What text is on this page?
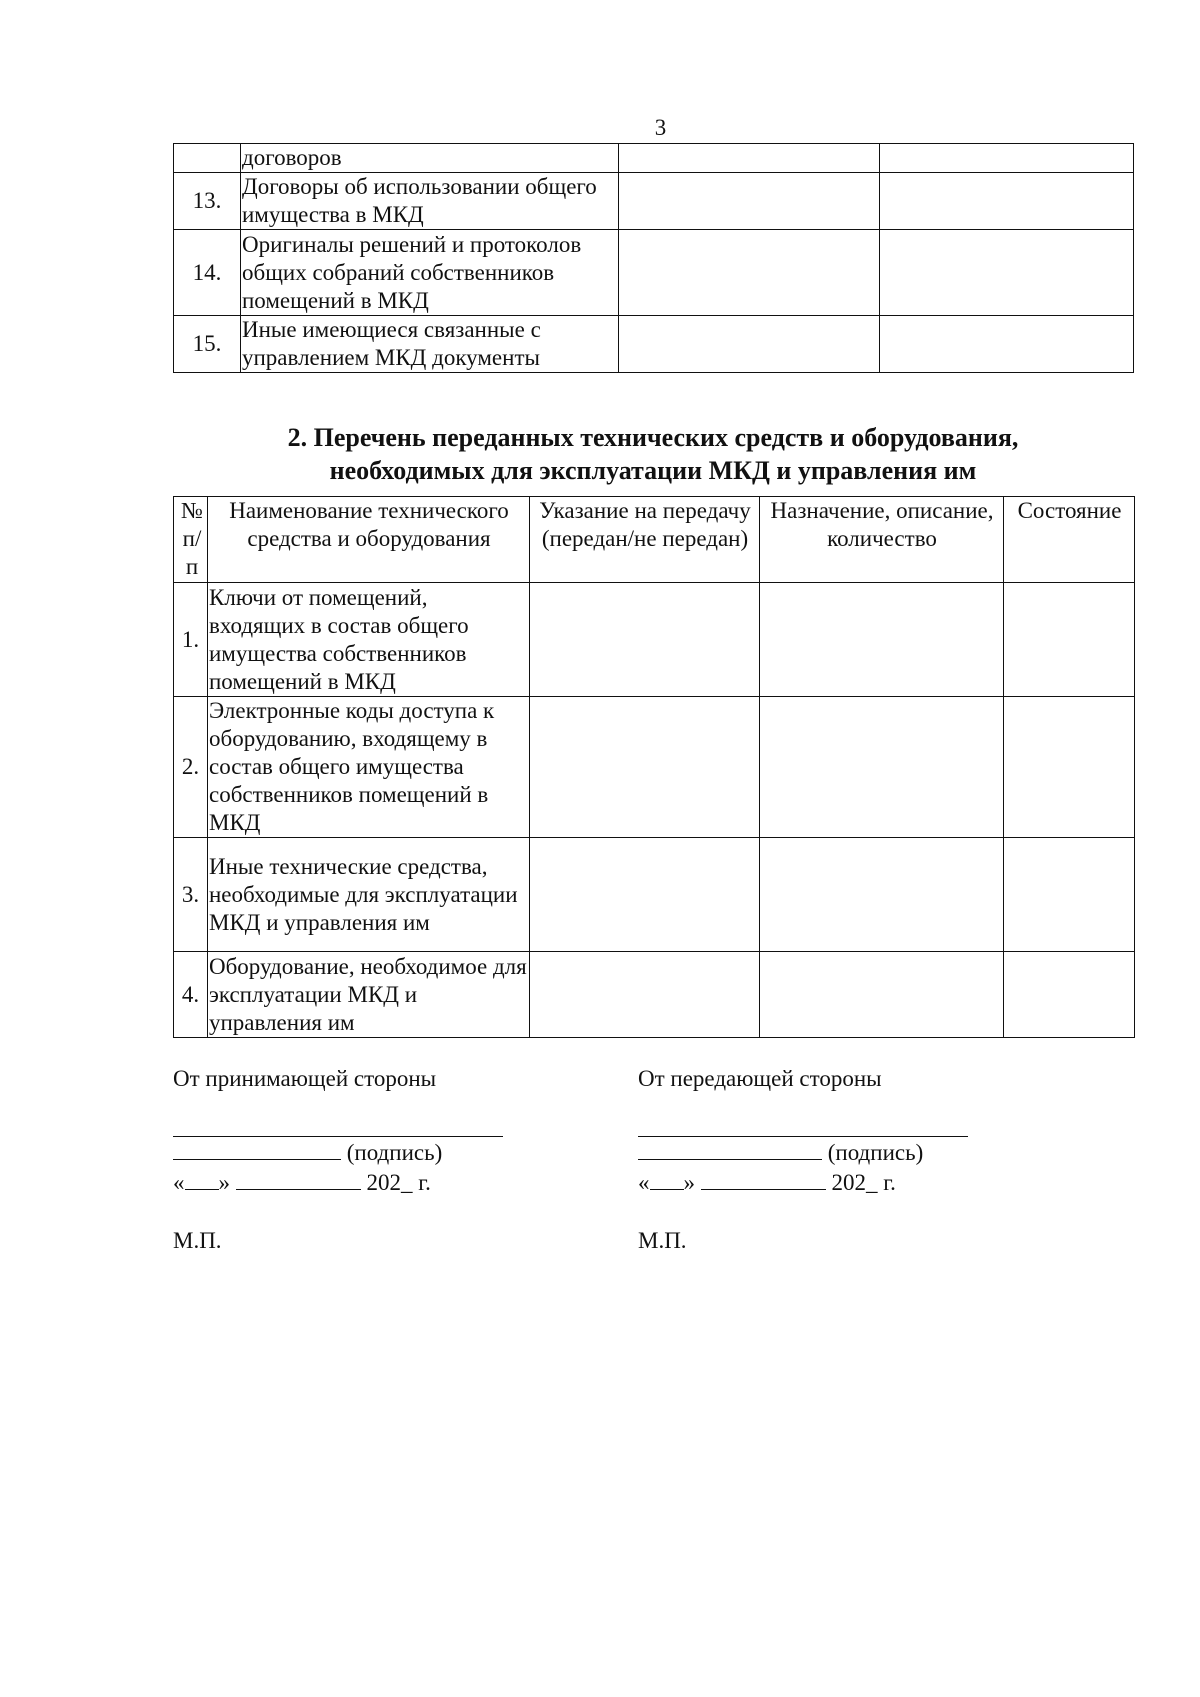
3
	договоров		
13.	Договоры об использовании общего имущества в МКД		
14.	Оригиналы решений и протоколов общих собраний собственников помещений в МКД		
15.	Иные имеющиеся связанные с управлением МКД документы		
2. Перечень переданных технических средств и оборудования,
необходимых для эксплуатации МКД и управления им
№ п/ п	Наименование технического средства и оборудования	Указание на передачу (передан/не передан)	Назначение, описание, количество	Состояние
1.	Ключи от помещений, входящих в состав общего имущества собственников помещений в МКД			
2.	Электронные коды доступа к оборудованию, входящему в состав общего имущества собственников помещений в МКД			
3.	Иные технические средства, необходимые для эксплуатации МКД и управления им			
4.	Оборудование, необходимое для эксплуатации МКД и управления им			
От принимающей стороны
(подпись)
« »	202_ г.
М.П.
От передающей стороны
(подпись)
« »	202_ г.
М.П.
